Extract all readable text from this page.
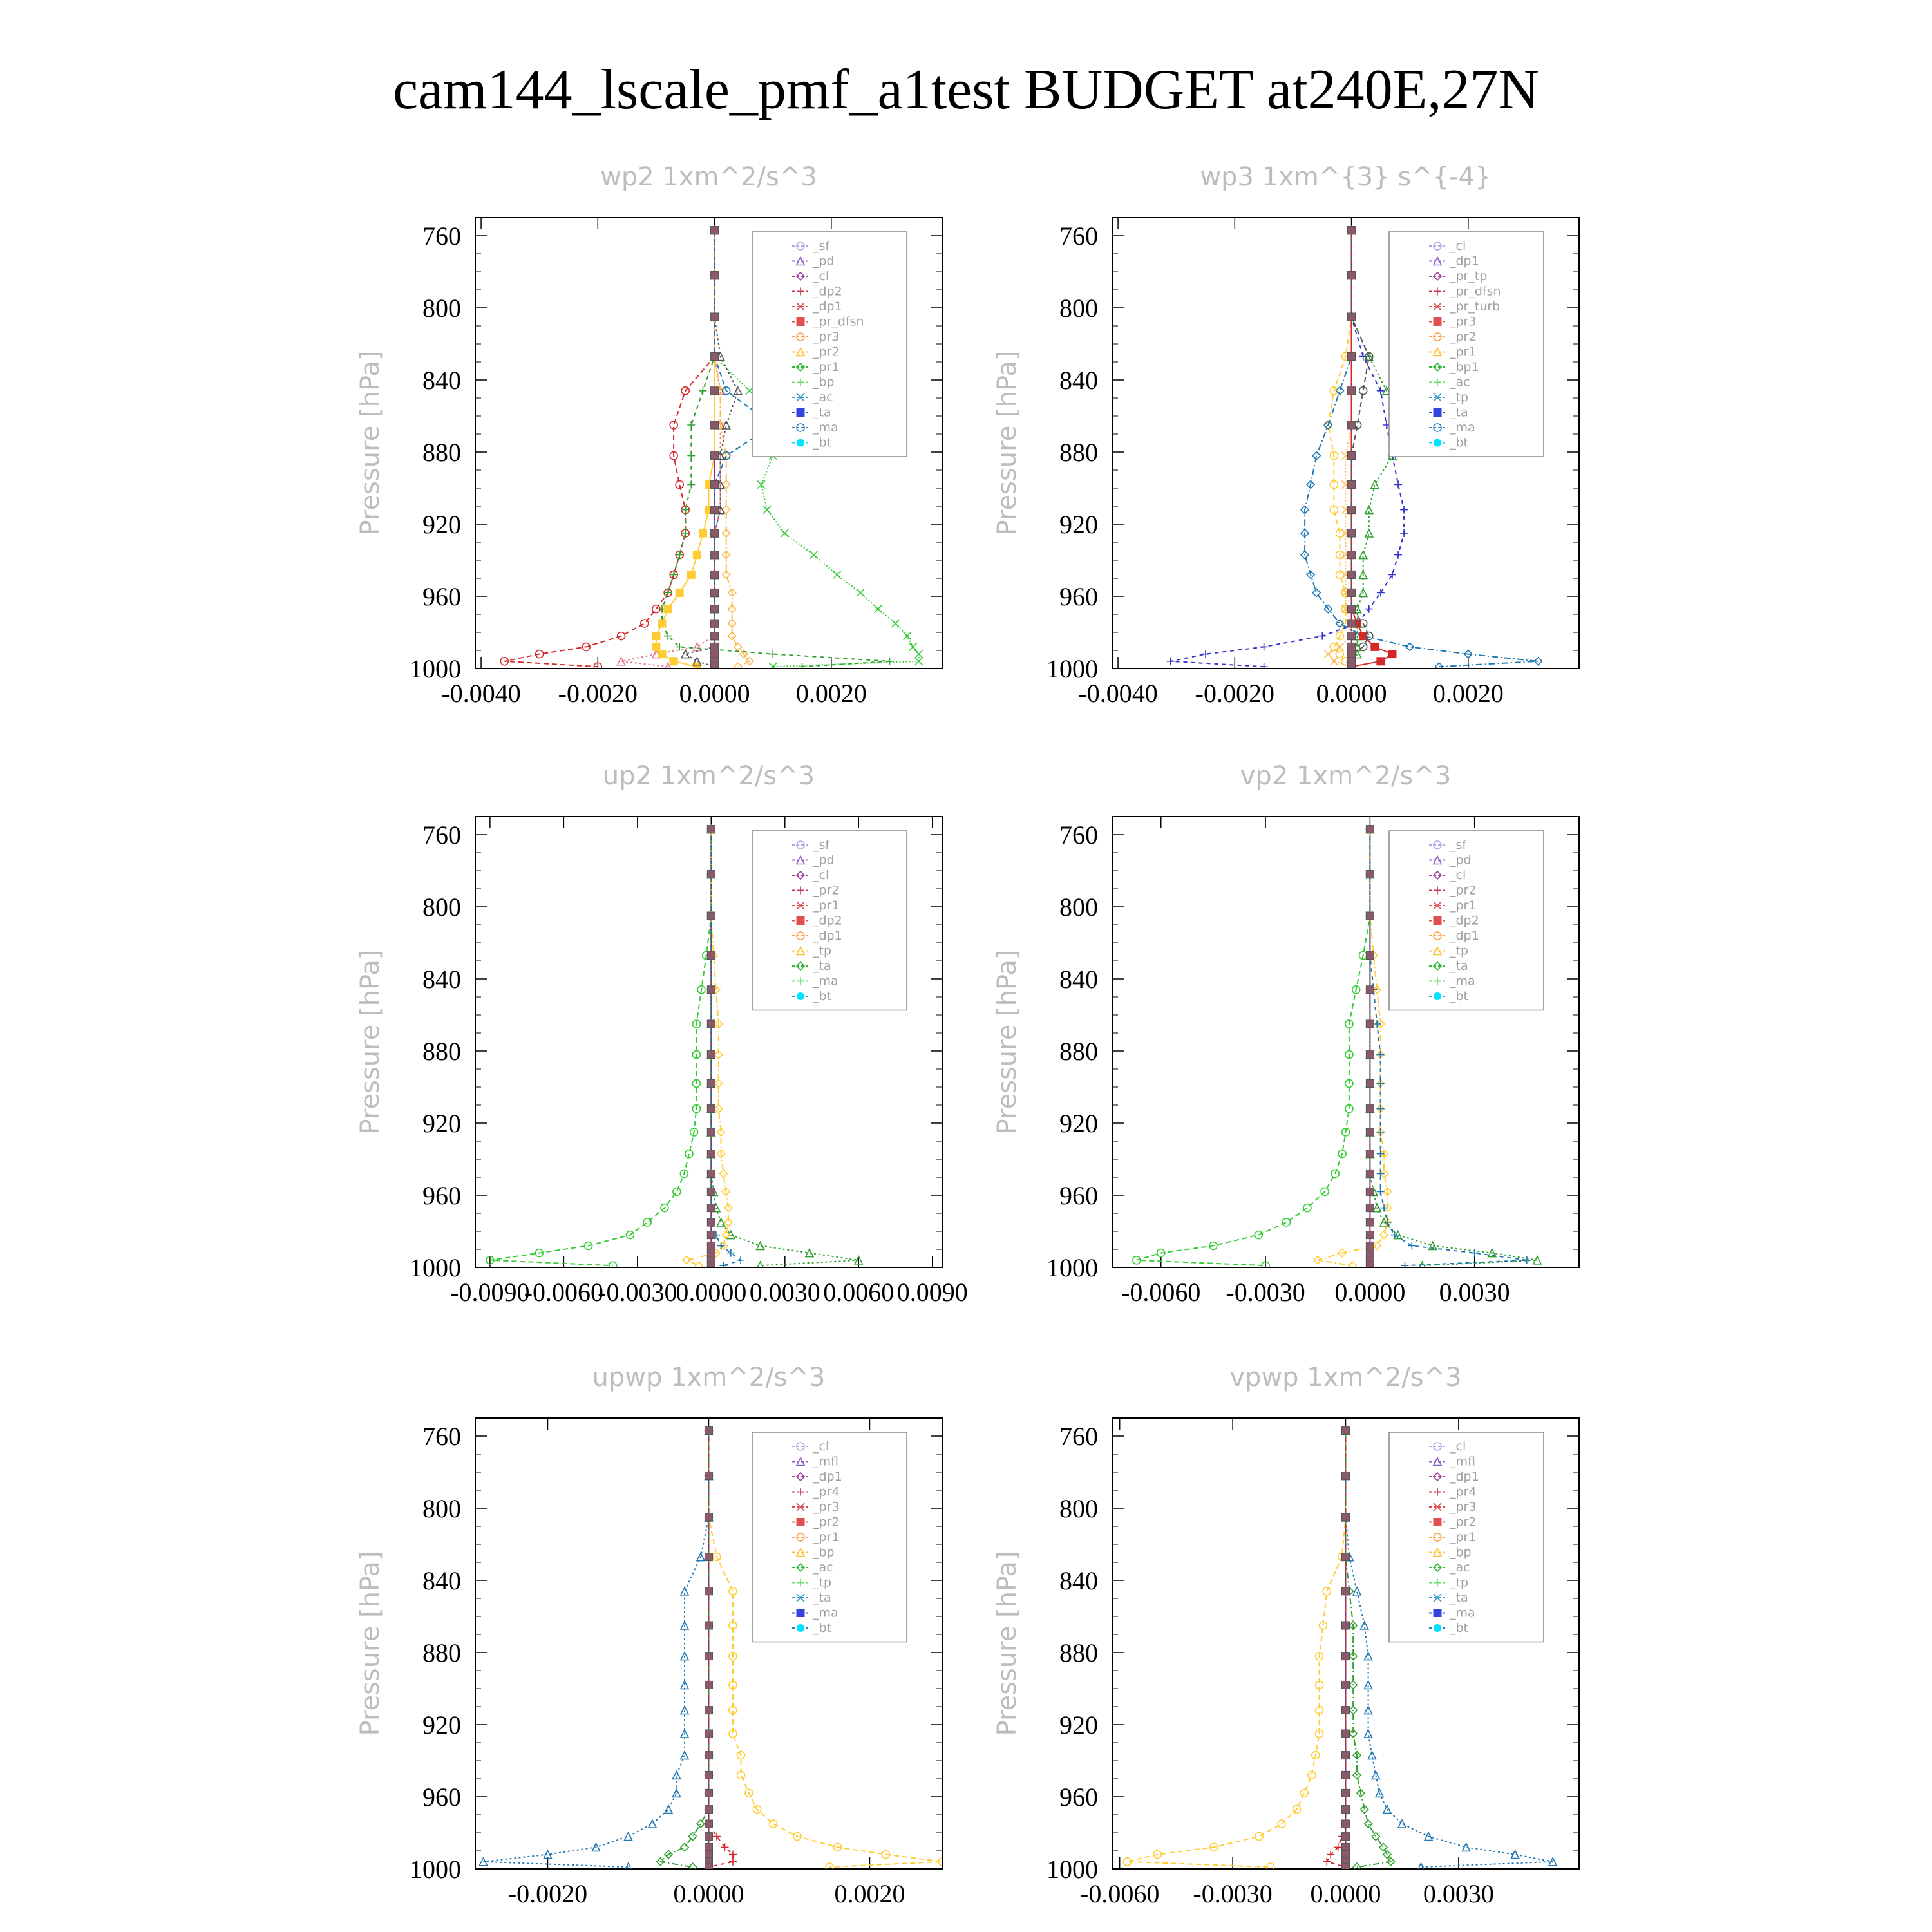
cam144_lscale_pmf_a1test BUDGET at240E,27N
wp2 1xm^2/s^3
Pressure [hPa]
760
800
840
880
920
960
1000
-0.0040 -0.0020 0.0000 0.0020
_sf
_pd
_cl
_dp2
_dp1
_pr_dfsn
_pr3
_pr2
_pr1
_bp
_ac
_ta
_ma
_bt
wp3 1xm^{3} s^{-4}
Pressure [hPa]
760
800
840
880
920
960
1000
-0.0040 -0.0020 0.0000 0.0020
_cl
_dp1
_pr_tp
_pr_dfsn
_pr_turb
_pr3
_pr2
_pr1
_bp1
_ac
_tp
_ta
_ma
_bt
up2 1xm^2/s^3
Pressure [hPa]
760
800
840
880
920
960
1000
-0.0090
-0.0060
-0.0030
0.0000 0.0030 0.0060 0.0090
_sf
_pd
_cl
_pr2
_pr1
_dp2
_dp1
_tp
_ta
_ma
_bt
vp2 1xm^2/s^3
Pressure [hPa]
760
800
840
880
920
960
1000
-0.0060 -0.0030 0.0000 0.0030
_sf
_pd
_cl
_pr2
_pr1
_dp2
_dp1
_tp
_ta
_ma
_bt
upwp 1xm^2/s^3
Pressure [hPa]
760
800
840
880
920
960
1000
-0.0020	0.0000	0.0020
_cl
_mfl
_dp1
_pr4
_pr3
_pr2
_pr1
_bp
_ac
_tp
_ta
_ma
_bt
vpwp 1xm^2/s^3
Pressure [hPa]
760
800
840
880
920
960
1000
-0.0060 -0.0030 0.0000 0.0030
_cl
_mfl
_dp1
_pr4
_pr3
_pr2
_pr1
_bp
_ac
_tp
_ta
_ma
_bt
